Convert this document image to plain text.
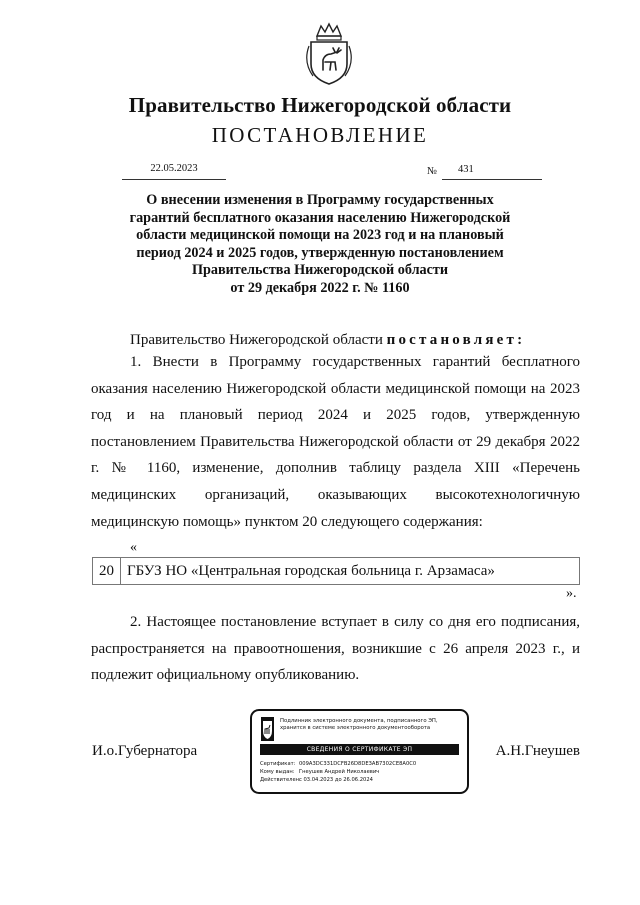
Правительство Нижегородской области
ПОСТАНОВЛЕНИЕ
22.05.2023	№ 431
О внесении изменения в Программу государственных
гарантий бесплатного оказания населению Нижегородской
области медицинской помощи на 2023 год и на плановый
период 2024 и 2025 годов, утвержденную постановлением
Правительства Нижегородской области
от 29 декабря 2022 г. № 1160
Правительство Нижегородской области постановляет:

1. Внести в Программу государственных гарантий бесплатного оказания населению Нижегородской области медицинской помощи на 2023 год и на плановый период 2024 и 2025 годов, утвержденную постановлением Правительства Нижегородской области от 29 декабря 2022 г. № 1160, изменение, дополнив таблицу раздела XIII «Перечень медицинских организаций, оказывающих высокотехнологичную медицинскую помощь» пунктом 20 следующего содержания:

«
20	ГБУЗ НО «Центральная городская больница г. Арзамаса»
».

2. Настоящее постановление вступает в силу со дня его подписания, распространяется на правоотношения, возникшие с 26 апреля 2023 г., и подлежит официальному опубликованию.

И.о.Губернатора	А.Н.Гнеушев
Подлинник электронного документа, подписанного ЭП, хранится в системе электронного документооборота
СВЕДЕНИЯ О СЕРТИФИКАТЕ ЭП
Сертификат: 009A3DC331DCFB26D8DE3AB7302CE8A0C0
Кому выдан: Гнеушев Андрей Николаевич
Действителен:с 03.04.2023 до 26.06.2024
